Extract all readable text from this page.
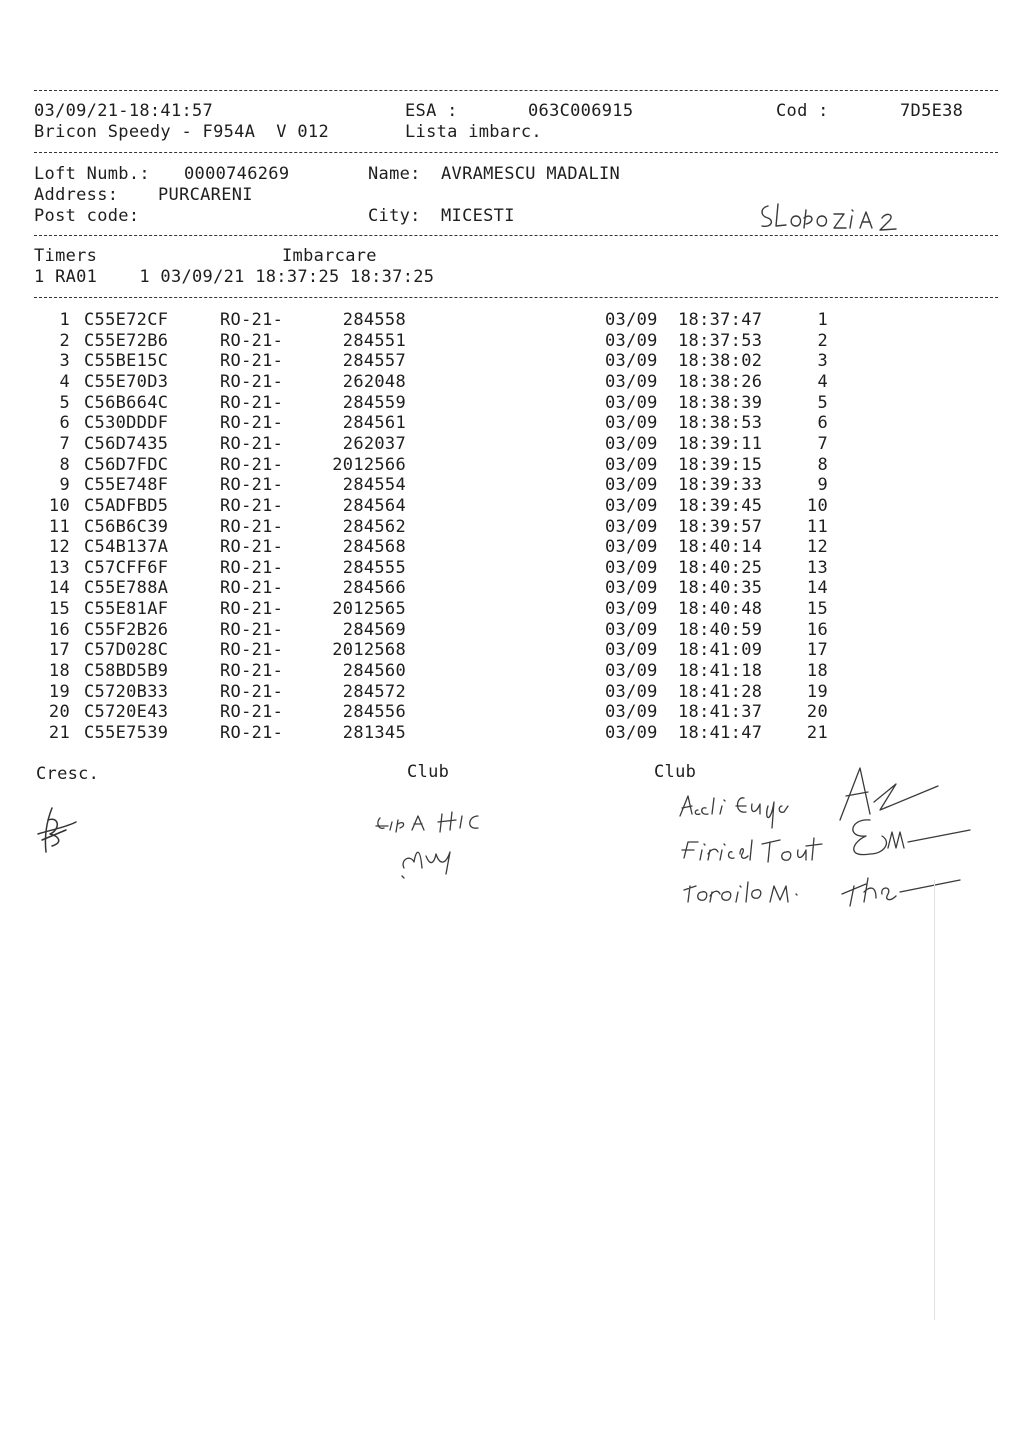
03/09/21-18:41:57	ESA :	063C006915	Cod :	7D5E38
Bricon Speedy - F954A  V 012	Lista imbarc.
Loft Numb.: 0000746269	Name: AVRAMESCU MADALIN
Address: PURCARENI
Post code:	City: MICESTI
Timers	Imbarcare
1 RA01    1 03/09/21 18:37:25 18:37:25
1 C55E72CF	RO-21-	284558	03/09 18:37:47	1
2 C55E72B6	RO-21-	284551	03/09 18:37:53	2
3 C55BE15C	RO-21-	284557	03/09 18:38:02	3
4 C55E70D3	RO-21-	262048	03/09 18:38:26	4
5 C56B664C	RO-21-	284559	03/09 18:38:39	5
6 C530DDDF	RO-21-	284561	03/09 18:38:53	6
7 C56D7435	RO-21-	262037	03/09 18:39:11	7
8 C56D7FDC	RO-21-	2012566	03/09 18:39:15	8
9 C55E748F	RO-21-	284554	03/09 18:39:33	9
10 C5ADFBD5	RO-21-	284564	03/09 18:39:45	10
11 C56B6C39	RO-21-	284562	03/09 18:39:57	11
12 C54B137A	RO-21-	284568	03/09 18:40:14	12
13 C57CFF6F	RO-21-	284555	03/09 18:40:25	13
14 C55E788A	RO-21-	284566	03/09 18:40:35	14
15 C55E81AF	RO-21-	2012565	03/09 18:40:48	15
16 C55F2B26	RO-21-	284569	03/09 18:40:59	16
17 C57D028C	RO-21-	2012568	03/09 18:41:09	17
18 C58BD5B9	RO-21-	284560	03/09 18:41:18	18
19 C5720B33	RO-21-	284572	03/09 18:41:28	19
20 C5720E43	RO-21-	284556	03/09 18:41:37	20
21 C55E7539	RO-21-	281345	03/09 18:41:47	21
Cresc.	Club	Club
